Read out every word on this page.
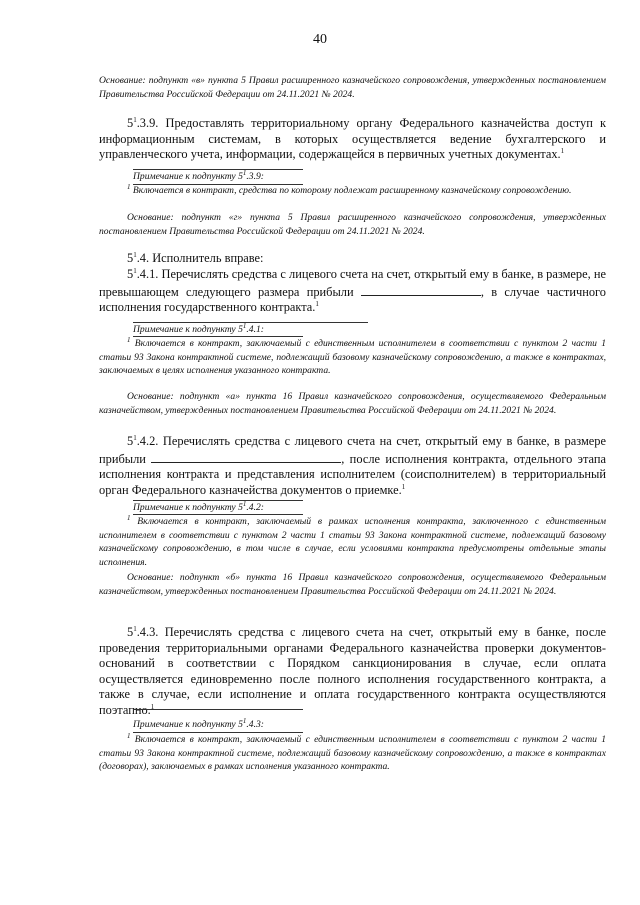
40
Основание: подпункт «в» пункта 5 Правил расширенного казначейского сопровождения, утвержденных постановлением Правительства Российской Федерации от 24.11.2021 № 2024.
$5^1.3.9$. Предоставлять территориальному органу Федерального казначейства доступ к информационным системам, в которых осуществляется ведение бухгалтерского и управленческого учета, информации, содержащейся в первичных учетных документах.$^1$
Примечание к подпункту $5^1.3.9$:
$^1$ Включается в контракт, средства по которому подлежат расширенному казначейскому сопровождению.
Основание: подпункт «г» пункта 5 Правил расширенного казначейского сопровождения, утвержденных постановлением Правительства Российской Федерации от 24.11.2021 № 2024.
$5^1.4$. Исполнитель вправе:
$5^1.4.1$. Перечислять средства с лицевого счета на счет, открытый ему в банке, в размере, не превышающем следующего размера прибыли	, в случае частичного исполнения государственного контракта.$^1$
Примечание к подпункту $5^1.4.1$:
$^1$ Включается в контракт, заключаемый с единственным исполнителем в соответствии с пунктом 2 части 1 статьи 93 Закона контрактной системе, подлежащий базовому казначейскому сопровождению, а также в контрактах, заключаемых в целях исполнения указанного контракта.
Основание: подпункт «а» пункта 16 Правил казначейского сопровождения, осуществляемого Федеральным казначейством, утвержденных постановлением Правительства Российской Федерации от 24.11.2021 № 2024.
$5^1.4.2$. Перечислять средства с лицевого счета на счет, открытый ему в банке, в размере прибыли	, после исполнения контракта, отдельного этапа исполнения контракта и представления исполнителем (соисполнителем) в территориальный орган Федерального казначейства документов о приемке.$^1$
Примечание к подпункту $5^1.4.2$:
$^1$ Включается в контракт, заключаемый в рамках исполнения контракта, заключенного с единственным исполнителем в соответствии с пунктом 2 части 1 статьи 93 Закона контрактной системе, подлежащий базовому казначейскому сопровождению, в том числе в случае, если условиями контракта предусмотрены отдельные этапы исполнения.
Основание: подпункт «б» пункта 16 Правил казначейского сопровождения, осуществляемого Федеральным казначейством, утвержденных постановлением Правительства Российской Федерации от 24.11.2021 № 2024.
$5^1.4.3$. Перечислять средства с лицевого счета на счет, открытый ему в банке, после проведения территориальными органами Федерального казначейства проверки документов-оснований в соответствии с Порядком санкционирования в случае, если оплата осуществляется единовременно после полного исполнения государственного контракта, а также в случае, если исполнение и оплата государственного контракта осуществляются поэтапно.$^1$
Примечание к подпункту $5^1.4.3$:
$^1$ Включается в контракт, заключаемый с единственным исполнителем в соответствии с пунктом 2 части 1 статьи 93 Закона контрактной системе, подлежащий базовому казначейскому сопровождению, а также в контрактах (договорах), заключаемых в рамках исполнения указанного контракта.
